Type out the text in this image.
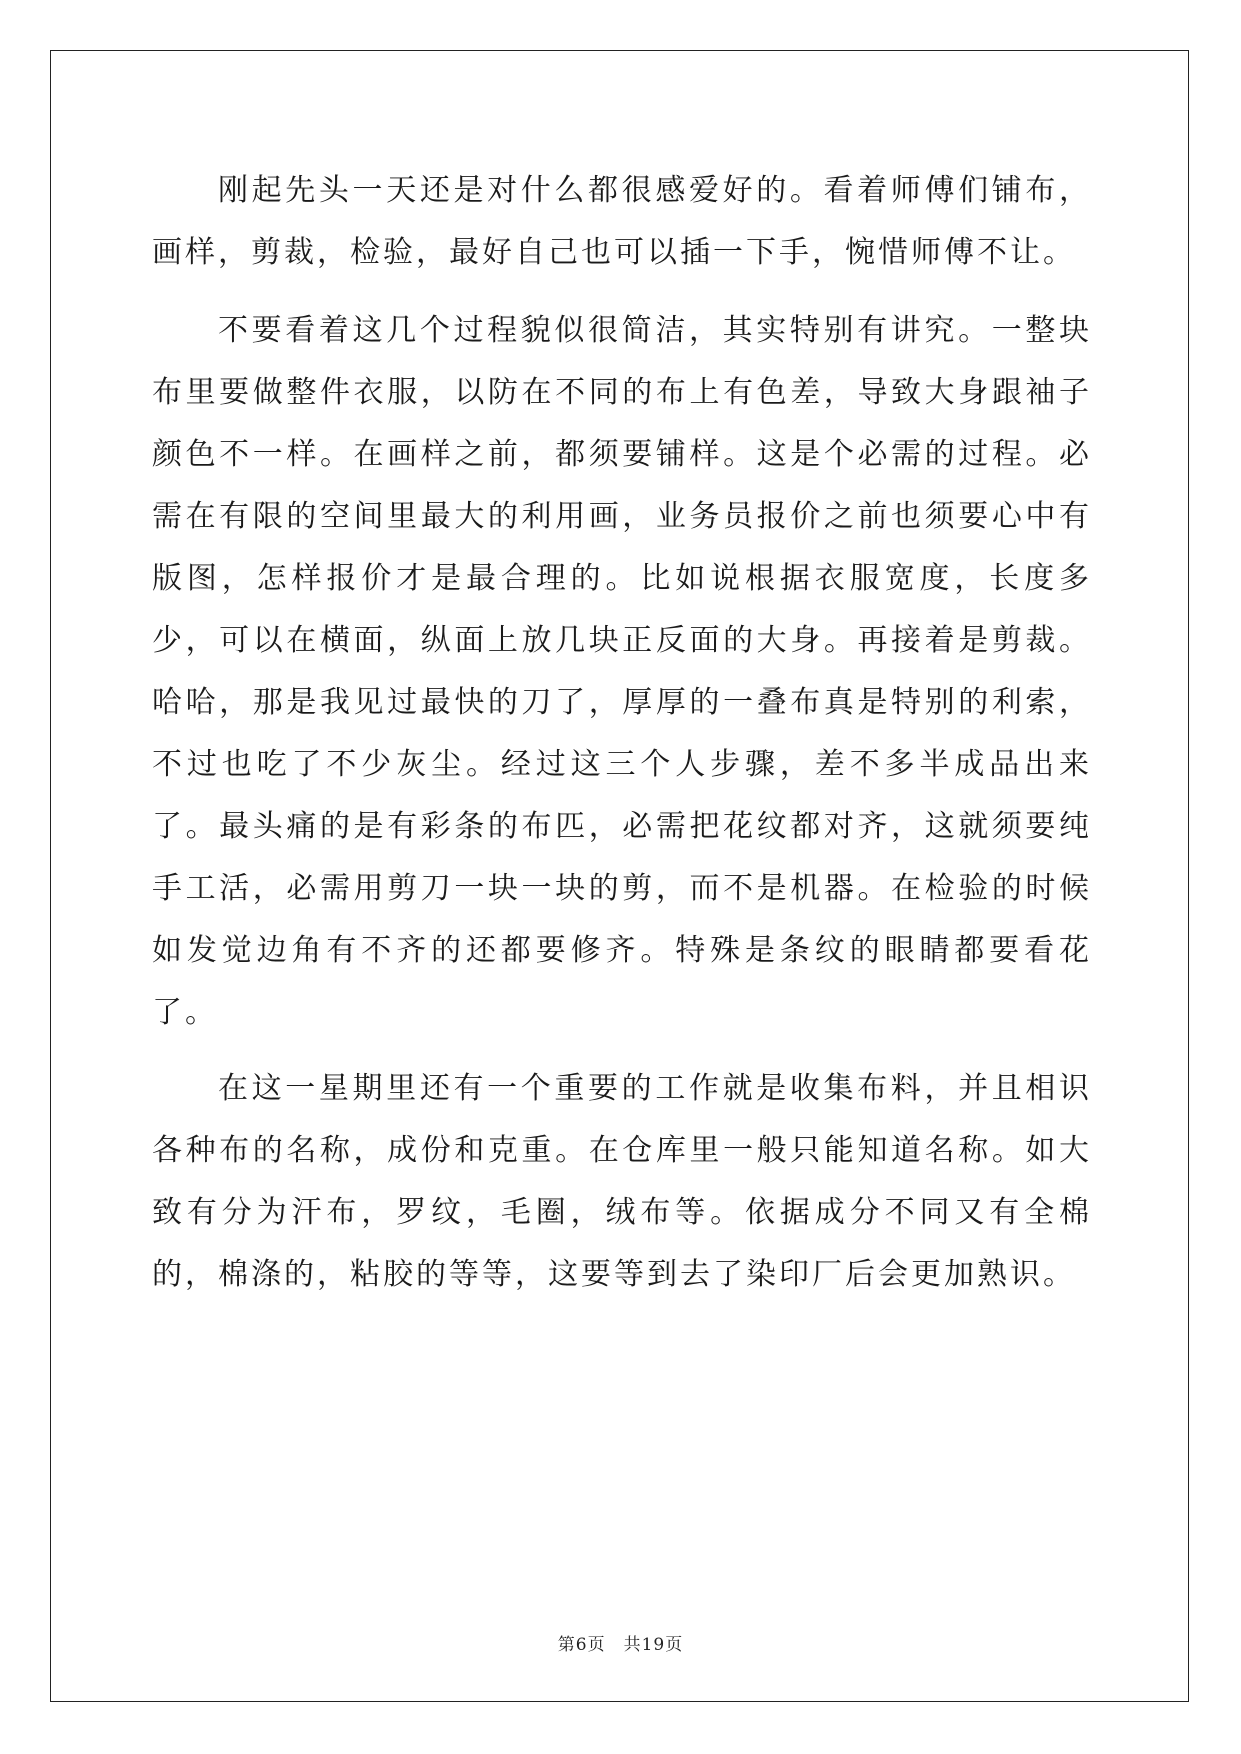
刚起先头一天还是对什么都很感爱好的。看着师傅们铺布，画样，剪裁，检验，最好自己也可以插一下手，惋惜师傅不让。

不要看着这几个过程貌似很简洁，其实特别有讲究。一整块布里要做整件衣服，以防在不同的布上有色差，导致大身跟袖子颜色不一样。在画样之前，都须要铺样。这是个必需的过程。必需在有限的空间里最大的利用画，业务员报价之前也须要心中有版图，怎样报价才是最合理的。比如说根据衣服宽度，长度多少，可以在横面，纵面上放几块正反面的大身。再接着是剪裁。哈哈，那是我见过最快的刀了，厚厚的一叠布真是特别的利索，不过也吃了不少灰尘。经过这三个人步骤，差不多半成品出来了。最头痛的是有彩条的布匹，必需把花纹都对齐，这就须要纯手工活，必需用剪刀一块一块的剪，而不是机器。在检验的时候如发觉边角有不齐的还都要修齐。特殊是条纹的眼睛都要看花了。

在这一星期里还有一个重要的工作就是收集布料，并且相识各种布的名称，成份和克重。在仓库里一般只能知道名称。如大致有分为汗布，罗纹，毛圈，绒布等。依据成分不同又有全棉的，棉涤的，粘胶的等等，这要等到去了染印厂后会更加熟识。

第6页　共19页
